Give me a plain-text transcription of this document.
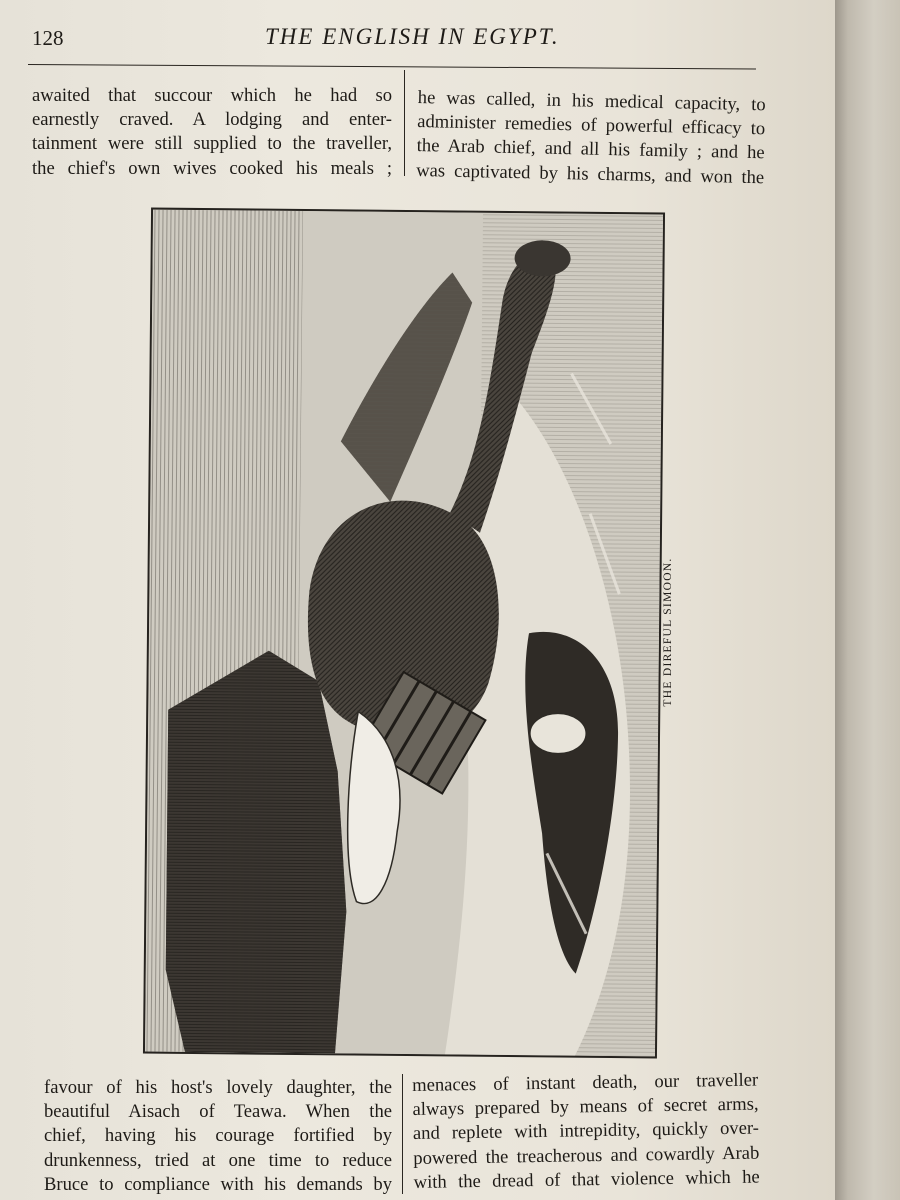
128	THE ENGLISH IN EGYPT.

awaited that succour which he had so
earnestly craved. A lodging and enter-
tainment were still supplied to the traveller,
the chief's own wives cooked his meals ;

he was called, in his medical capacity, to
administer remedies of powerful efficacy to
the Arab chief, and all his family ; and he
was captivated by his charms, and won the

THE DIREFUL SIMOON.

favour of his host's lovely daughter, the
beautiful Aisach of Teawa. When the
chief, having his courage fortified by
drunkenness, tried at one time to reduce
Bruce to compliance with his demands by

menaces of instant death, our traveller
always prepared by means of secret arms,
and replete with intrepidity, quickly over-
powered the treacherous and cowardly Arab
with the dread of that violence which he
